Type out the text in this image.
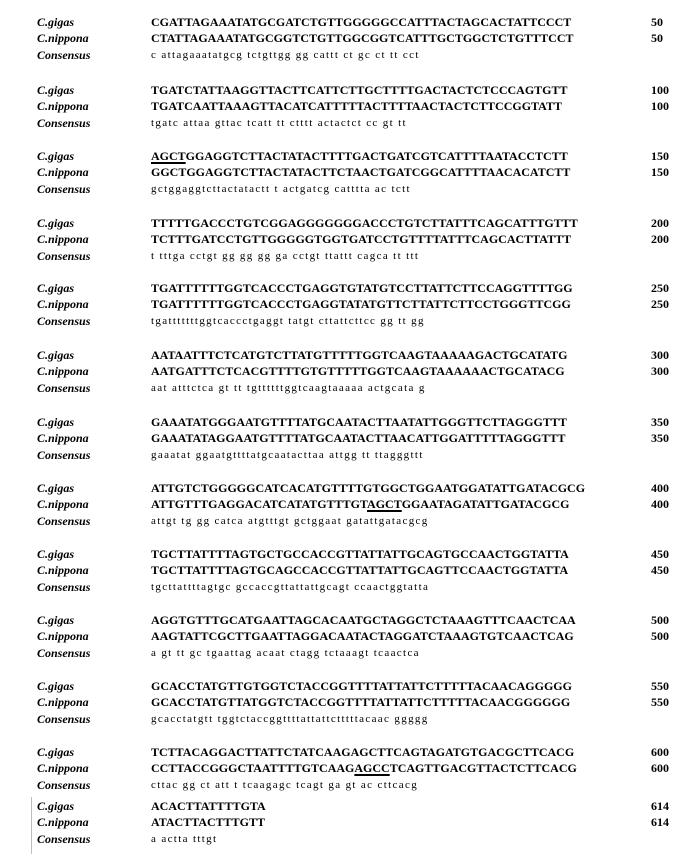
C.gigas	CGATTAGAAATATGCGATCTGTTGGGGGCCATTTACTAGCACTATTCCCT	50
C.nippona	CTATTAGAAATATGCGGTCTGTTGGCGGTCATTTGCTGGCTCTGTTTCCT	50
Consensus	c attagaaatatgcg tctgttgg gg cattt ct gc ct tt cct
C.gigas	TGATCTATTAAGGTTACTTCATTCTTGCTTTTGACTACTCTCCCAGTGTT	100
C.nippona	TGATCAATTAAAGTTACATCATTTTTACTTTTAACTACTCTTCCGGTATT	100
Consensus	tgatc attaa gttac tcatt tt ctttt actactct cc gt tt
C.gigas	AGCTGGAGGTCTTACTATACTTTTGACTGATCGTCATTTTAATACCTCTT	150
C.nippona	GGCTGGAGGTCTTACTATACTTCTAACTGATCGGCATTTTAACACATCTT	150
Consensus	gctggaggtcttactatactt t actgatcg catttta ac tctt
C.gigas	TTTTTGACCCTGTCGGAGGGGGGGACCCTGTCTTATTTCAGCATTTGTTT	200
C.nippona	TCTTTGATCCTGTTGGGGGTGGTGATCCTGTTTTATTTCAGCACTTATTT	200
Consensus	t tttga cctgt gg gg gg ga cctgt ttattt cagca tt ttt
C.gigas	TGATTTTTTGGTCACCCTGAGGTGTATGTCCTTATTCTTCCAGGTTTTGG	250
C.nippona	TGATTTTTTGGTCACCCTGAGGTATATGTTCTTATTCTTCCTGGGTTCGG	250
Consensus	tgatttttttggtcaccctgaggt tatgt cttattcttcc gg tt gg
C.gigas	AATAATTTCTCATGTCTTATGTTTTTGGTCAAGTAAAAAGACTGCATATG	300
C.nippona	AATGATTTCTCACGTTTTGTGTTTTTGGTCAAGTAAAAAACTGCATACG	300
Consensus	aat atttctca gt tt tgttttttggtcaagtaaaaa actgcata g
C.gigas	GAAATATGGGAATGTTTTATGCAATACTTAATATTGGGTTCTTAGGGTTT	350
C.nippona	GAAATATAGGAATGTTTTATGCAATACTTAACATTGGATTTTTAGGGTTT	350
Consensus	gaaatat ggaatgttttatgcaatacttaa attgg tt ttagggttt
C.gigas	ATTGTCTGGGGGCATCACATGTTTTGTGGCTGGAATGGATATTGATACGCG	400
C.nippona	ATTGTTTGAGGACATCATATGTTTGTAGCTGGAATAGATATTGATACGCG	400
Consensus	attgt tg gg catca atgtttgt gctggaat gatattgatacgcg
C.gigas	TGCTTATTTTAGTGCTGCCACCGTTATTATTGCAGTGCCAACTGGTATTA	450
C.nippona	TGCTTATTTTAGTGCAGCCACCGTTATTATTGCAGTTCCAACTGGTATTA	450
Consensus	tgcttattttagtgc gccaccgttattattgcagt ccaactggtatta
C.gigas	AGGTGTTTGCATGAATTAGCACAATGCTAGGCTCTAAAGTTTCAACTCAA	500
C.nippona	AAGTATTCGCTTGAATTAGGACAATACTAGGATCTAAAGTGTCAACTCAG	500
Consensus	a gt tt gc tgaattag acaat ctagg tctaaagt tcaactca
C.gigas	GCACCTATGTTGTGGTCTACCGGTTTTATTATTCTTTTTACAACAGGGGG	550
C.nippona	GCACCTATGTTATGGTCTACCGGTTTTATTATTCTTTTTACAACGGGGGG	550
Consensus	gcacctatgtt tggtctaccggttttattattctttttacaac ggggg
C.gigas	TCTTACAGGACTTATTCTATCAAGAGCTTCAGTAGATGTGACGCTTCACG	600
C.nippona	CCTTACCGGGCTAATTTTGTCAAGAGCCTCAGTTGACGTTACTCTTCACG	600
Consensus	cttac gg ct att t tcaagagc tcagt ga gt ac cttcacg
C.gigas	ACACTTATTTTGTA	614
C.nippona	ATACTTACTTTGTT	614
Consensus	a acttа tttgt
